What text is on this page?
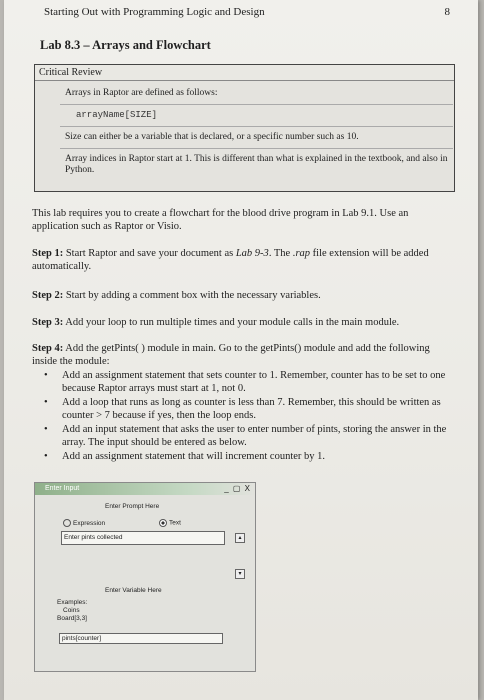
Starting Out with Programming Logic and Design	8
Lab 8.3 – Arrays and Flowchart
Critical Review
Arrays in Raptor are defined as follows:
arrayName[SIZE]
Size can either be a variable that is declared, or a specific number such as 10.
Array indices in Raptor start at 1. This is different than what is explained in the textbook, and also in Python.
This lab requires you to create a flowchart for the blood drive program in Lab 9.1. Use an application such as Raptor or Visio.
Step 1: Start Raptor and save your document as Lab 9-3. The .rap file extension will be added automatically.
Step 2: Start by adding a comment box with the necessary variables.
Step 3: Add your loop to run multiple times and your module calls in the main module.
Step 4: Add the getPints( ) module in main. Go to the getPints() module and add the following inside the module:
• Add an assignment statement that sets counter to 1. Remember, counter has to be set to one because Raptor arrays must start at 1, not 0.
• Add a loop that runs as long as counter is less than 7. Remember, this should be written as counter > 7 because if yes, then the loop ends.
• Add an input statement that asks the user to enter number of pints, storing the answer in the array. The input should be entered as below.
• Add an assignment statement that will increment counter by 1.
Enter Input	_ ▢ X
Enter Prompt Here
Expression	Text
Enter pints collected	▴
▾
Enter Variable Here
Examples:
Coins
Board[3,3]
pints[counter]
